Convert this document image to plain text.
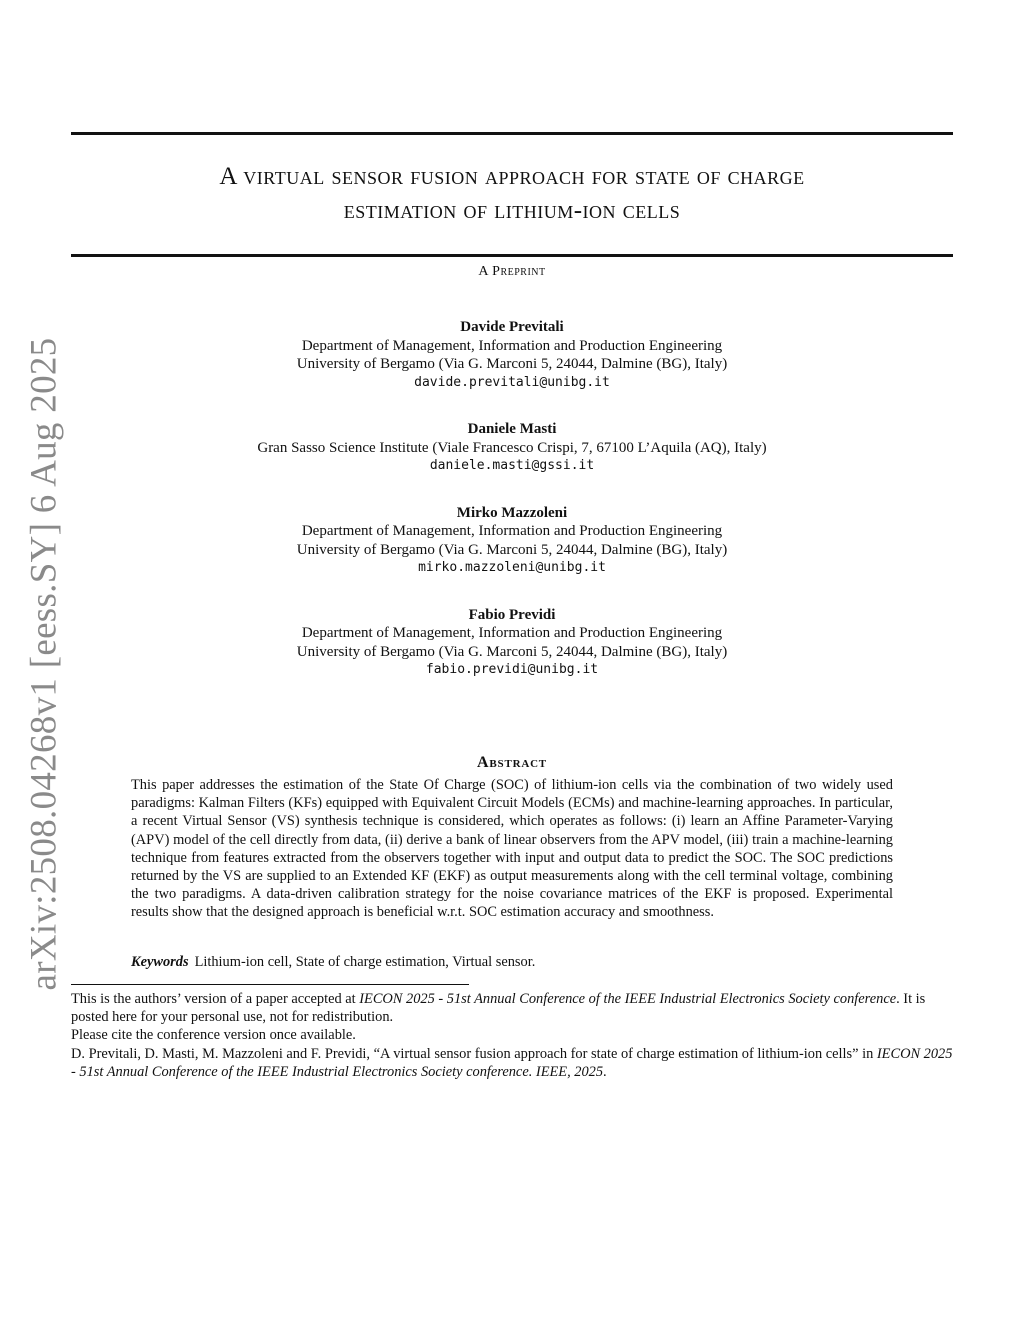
arXiv:2508.04268v1 [eess.SY] 6 Aug 2025
A virtual sensor fusion approach for state of charge
estimation of lithium-ion cells
A Preprint
Davide Previtali
Department of Management, Information and Production Engineering
University of Bergamo (Via G. Marconi 5, 24044, Dalmine (BG), Italy)
davide.previtali@unibg.it
Daniele Masti
Gran Sasso Science Institute (Viale Francesco Crispi, 7, 67100 L’Aquila (AQ), Italy)
daniele.masti@gssi.it
Mirko Mazzoleni
Department of Management, Information and Production Engineering
University of Bergamo (Via G. Marconi 5, 24044, Dalmine (BG), Italy)
mirko.mazzoleni@unibg.it
Fabio Previdi
Department of Management, Information and Production Engineering
University of Bergamo (Via G. Marconi 5, 24044, Dalmine (BG), Italy)
fabio.previdi@unibg.it
Abstract
This paper addresses the estimation of the State Of Charge (SOC) of lithium-ion cells via the combination of two widely used paradigms: Kalman Filters (KFs) equipped with Equivalent Circuit Models (ECMs) and machine-learning approaches. In particular, a recent Virtual Sensor (VS) synthesis technique is considered, which operates as follows: (i) learn an Affine Parameter-Varying (APV) model of the cell directly from data, (ii) derive a bank of linear observers from the APV model, (iii) train a machine-learning technique from features extracted from the observers together with input and output data to predict the SOC. The SOC predictions returned by the VS are supplied to an Extended KF (EKF) as output measurements along with the cell terminal voltage, combining the two paradigms. A data-driven calibration strategy for the noise covariance matrices of the EKF is proposed. Experimental results show that the designed approach is beneficial w.r.t. SOC estimation accuracy and smoothness.
Keywords Lithium-ion cell, State of charge estimation, Virtual sensor.

This is the authors’ version of a paper accepted at IECON 2025 - 51st Annual Conference of the IEEE Industrial Electronics Society conference. It is posted here for your personal use, not for redistribution.

Please cite the conference version once available.

D. Previtali, D. Masti, M. Mazzoleni and F. Previdi, “A virtual sensor fusion approach for state of charge estimation of lithium-ion cells” in IECON 2025 - 51st Annual Conference of the IEEE Industrial Electronics Society conference. IEEE, 2025.
